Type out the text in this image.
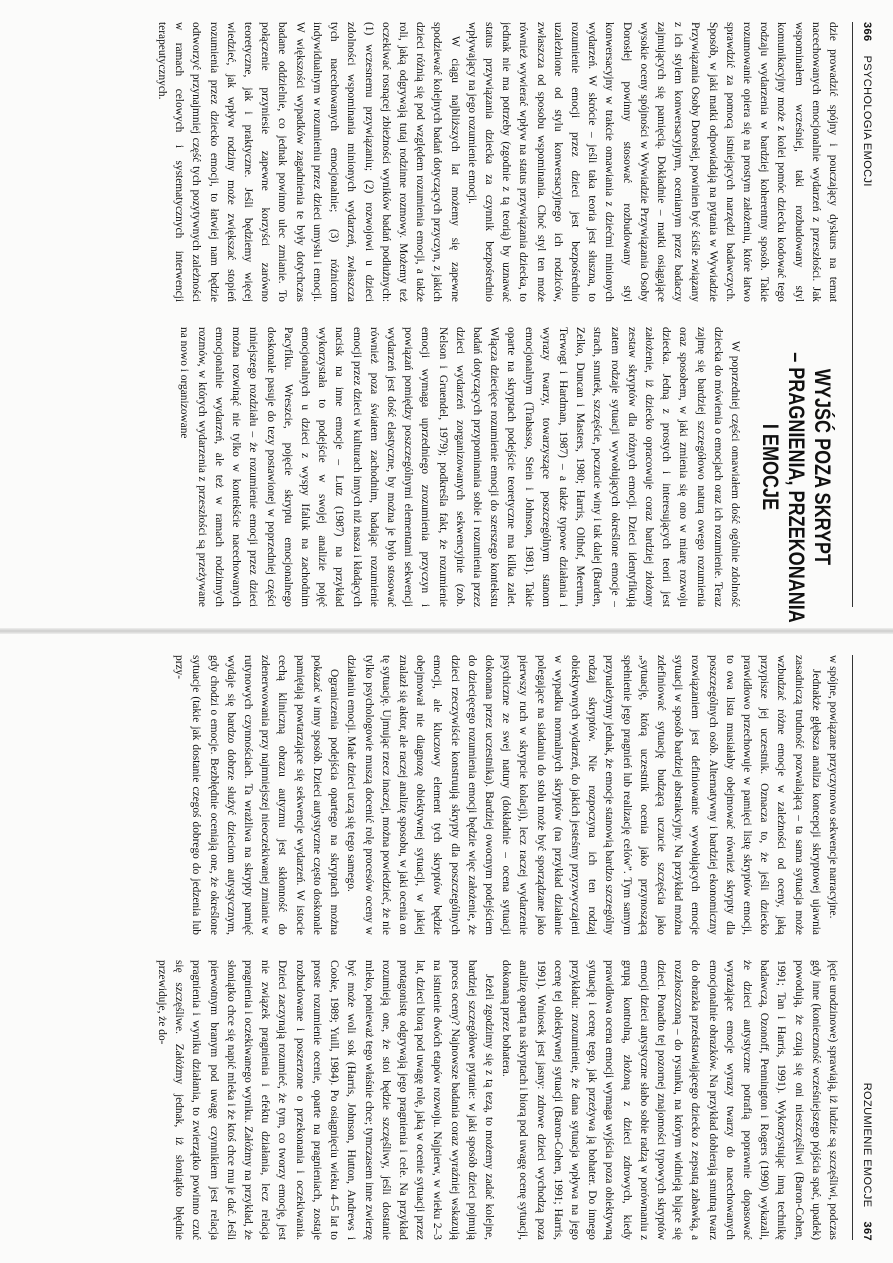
366
PSYCHOLOGIA EMOCJI
ROZUMIENIE EMOCJE
367

dzie prowadzić spójny i pouczający dyskurs na temat nacechowanych emocjonalnie wydarzeń z przeszłości. Jak wspominałem wcześniej, taki rozbudowany styl komunikacyjny może z kolei pomóc dziecku kodować tego rodzaju wydarzenia w bardziej koherentny sposób. Takie rozumowanie opiera się na prostym założeniu, które łatwo sprawdzić za pomocą istniejących narzędzi badawczych. Sposób, w jaki matki odpowiadają na pytania w Wywiadzie Przywiązania Osoby Dorosłej, powinien być ściśle związany z ich stylem konwersacyjnym, ocenianym przez badaczy zajmujących się pamięcią. Dokładnie – matki osiągające wysokie oceny spójności w Wywiadzie Przywiązania Osoby Dorosłej powinny stosować rozbudowany styl konwersacyjny w trakcie omawiania z dziećmi minionych wydarzeń. W skrócie – jeśli taka teoria jest słuszna, to rozumienie emocji przez dzieci jest bezpośrednio uzależnione od stylu konwersacyjnego ich rodziców, zwłaszcza od sposobu wspominania. Choć styl ten może również wywierać wpływ na status przywiązania dziecka, to jednak nie ma potrzeby (zgodnie z tą teorią) by uznawać status przywiązania dziecka za czynnik bezpośrednio wpływający na jego rozumienie emocji.

W ciągu najbliższych lat możemy się zapewne spodziewać kolejnych badań dotyczących przyczyn, z jakich dzieci różnią się pod względem rozumienia emocji, a także roli, jaką odgrywają tutaj rodzinne rozmowy. Możemy też oczekiwać rosnącej zbieżności wyników badań podłużnych: (1) wczesnemu przywiązaniu; (2) rozwojowi u dzieci zdolności wspominania minionych wydarzeń, zwłaszcza tych nacechowanych emocjonalnie; (3) różnicom indywidualnym w rozumieniu przez dzieci umysłu i emocji. W większości wypadków zagadnienia te były dotychczas badane oddzielnie, co jednak powinno ulec zmianie. To połączenie przyniesie zapewne korzyści zarówno teoretyczne, jak i praktyczne. Jeśli będziemy więcej wiedzieć, jak wpływ rodziny może zwiększać stopień rozumienia przez dziecko emocji, to łatwiej nam będzie odtworzyć przynajmniej część tych pozytywnych zależności w ramach celowych i systematycznych interwencji terapeutycznych.

WYJŚĆ POZA SKRYPT
– PRAGNIENIA, PRZEKONANIA
I EMOCJE

W poprzedniej części omawiałem dość ogólnie zdolność dziecka do mówienia o emocjach oraz ich rozumienie. Teraz zajmę się bardziej szczegółowo naturą owego rozumienia oraz sposobem, w jaki zmienia się ono w miarę rozwoju dziecka. Jedną z prostych i interesujących teorii jest założenie, iż dziecko opracowuje coraz bardziej złożony zestaw skryptów dla różnych emocji. Dzieci identyfikują zatem rodzaje sytuacji wywołujących określone emocje – strach, smutek, szczęście, poczucie winy i tak dalej (Barden, Zelko, Duncan i Masters, 1980; Harris, Olthof, Meerum, Terwogt i Hardman, 1987) – a także typowe działania i wyrazy twarzy, towarzyszące poszczególnym stanom emocjonalnym (Trabasso, Stein i Johnson, 1981). Takie oparte na skryptach podejście teoretyczne ma kilka zalet. Włącza dziecięce rozumienie emocji do szerszego kontekstu badań dotyczących przypominania sobie i rozumienia przez dzieci wydarzeń zorganizowanych sekwencyjnie (zob. Nelson i Gruendel, 1979); podkreśla fakt, że rozumienie emocji wymaga uprzedniego zrozumienia przyczyn i powiązań pomiędzy poszczególnymi elementami sekwencji wydarzeń jest dość elastyczne, by można je było stosować również poza światem zachodnim, badając rozumienie emocji przez dzieci w kulturach innych niż nasza i kładących nacisk na inne emocje – Lutz (1987) na przykład wykorzystała to podejście w swojej analizie pojęć emocjonalnych u dzieci z wyspy Ifaluk na zachodnim Pacyfiku. Wreszcie, pojęcie skryptu emocjonalnego doskonale pasuje do tezy postawionej w poprzedniej części niniejszego rozdziału – że rozumienie emocji przez dzieci można rozwinąć nie tylko w kontekście nacechowanych emocjonalnie wydarzeń, ale też w ramach rodzinnych rozmów, w których wydarzenia z przeszłości są przeżywane na nowo i organizowane

w spójne, powiązane przyczynowo sekwencje narracyjne.

Jednakże głębsza analiza koncepcji skryptowej ujawnia zasadniczą trudność pozwalającą – ta sama sytuacja może wzbudzać różne emocje w zależności od oceny, jaką przypisze jej uczestnik. Oznacza to, że jeśli dziecko prawidłowo przechowuje w pamięci listę skryptów emocji, to owa lista musiałaby obejmować również skrypty dla poszczególnych osób. Alternatywny i bardziej ekonomiczny rozwiązaniem jest definiowanie wywołujących emocje sytuacji w sposób bardziej abstrakcyjny. Na przykład można zdefiniować sytuację budzącą uczucie szczęścia jako „sytuację, którą uczestnik ocenia jako przynoszącą spełnienie jego pragnień lub realizację celów”. Tym samym przynależymy jednak, że emocje stanowią bardzo szczególny rodzaj skryptów. Nie rozpoczyna ich ten rodzaj obiektywnych wydarzeń, do jakich jesteśmy przyzwyczajeni w wypadku normalnych skryptów (na przykład działanie polegające na siadaniu do stołu może być sporządzane jako pierwszy ruch w skrypcie kolacji), lecz raczej wydarzenie psychiczne ze swej natury (dokładnie – ocena sytuacji dokonana przez uczestnika). Bardziej owocnym podejściem do dziecięcego rozumienia emocji będzie więc założenie, że dzieci rzeczywiście konstruują skrypty dla poszczególnych emocji, ale kluczowy element tych skryptów będzie obejmował nie diagnozę obiektywnej sytuacji, w jakiej znalazł się aktor, ale raczej analizę sposobu, w jaki ocenia on tę sytuację. Ujmując rzecz inaczej, można powiedzieć, że nie tylko psychologowie muszą docenić rolę procesów oceny w działaniu emocji. Małe dzieci uczą się tego samego.

Ograniczenia podejścia opartego na skryptach można pokazać w inny sposób. Dzieci autystyczne często doskonale pamiętają powtarzające się sekwencje wydarzeń. W istocie cechą kliniczną obrazu autyzmu jest skłonność do zdenerwowania przy najmniejszej nieoczekiwanej zmianie w rutynowych czynnościach. Ta wrażliwa na skrypty pamięć wydaje się bardzo dobrze służyć dzieciom autystycznym, gdy chodzi o emocje. Bezbłędnie oceniają one, że określone sytuacje (takie jak dostanie czegoś dobrego do jedzenia lub przy-

jęcie urodzinowe) sprawiają, iż ludzie są szczęśliwi, podczas gdy inne (konieczność wcześniejszego pójścia spać, upadek) powodują, że czują się oni nieszczęśliwi (Baron-Cohen, 1991; Tan i Harris, 1991). Wykorzystując inną technikę badawczą, Ozonoff, Pennington i Rogers (1990) wykazali, że dzieci autystyczne potrafią poprawnie dopasować wyrażające emocje wyrazy twarzy do nacechowanych emocjonalnie obrazków. Na przykład dobierają smutną twarz do obrazka przedstawiającego dziecko z zepsutą zabawką, a rozzłoszczoną – do rysunku, na którym widnieją bijące się dzieci. Ponadto tej pozornej znajomości typowych skryptów emocji dzieci autystyczne słabo sobie radzą w porównaniu z grupą kontrolną, złożoną z dzieci zdrowych, kiedy prawidłowa ocena emocji wymaga wyjścia poza obiektywną sytuację i ocenę tego, jak przeżywa ją bohater. Do innego przykładu: zrozumienie, że dana sytuacja wpływa na jego ocenę tej obiektywnej sytuacji (Baron-Cohen, 1991; Harris, 1991). Wniosek jest jasny: zdrowe dzieci wychodzą poza analizę opartą na skryptach i biorą pod uwagę ocenę sytuacji, dokonaną przez bohatera.

Jeżeli zgodzimy się z tą tezą, to możemy zadać kolejne, bardziej szczegółowe pytanie: w jaki sposób dzieci pojmują proces oceny? Najnowsze badania coraz wyraźniej wskazują na istnienie dwóch etapów rozwoju. Najpierw, w wieku 2–3 lat, dzieci biorą pod uwagę rolę, jaką w ocenie sytuacji przez protagonistę odgrywają jego pragnienia i cele. Na przykład rozumieją one, że stoi będzie szczęśliwy, jeśli dostanie mleko, ponieważ tego właśnie chce; tymczasem inne zwierzę być może woli sok (Harris, Johnson, Hutton, Andrews i Cooke, 1989; Yuill, 1984). Po osiągnięciu wieku 4–5 lat to proste rozumienie ocenie, oparte na pragnieniach, zostaje rozbudowane i poszerzone o przekonania i oczekiwania. Dzieci zaczynają rozumieć, że tym, co tworzy emocję, jest nie związek pragnienia i efektu działania, lecz relacja pragnienia i oczekiwanego wyniku. Załóżmy na przykład, że słoniątko chce się napić mleka i że ktoś chce mu je dać. Jeśli pierwotnym branym pod uwagę czynnikiem jest relacja pragnienia i wyniku działania, to zwierzątko powinno czuć się szczęśliwe. Załóżmy jednak, iż słoniątko błędnie przewiduje, że do-
